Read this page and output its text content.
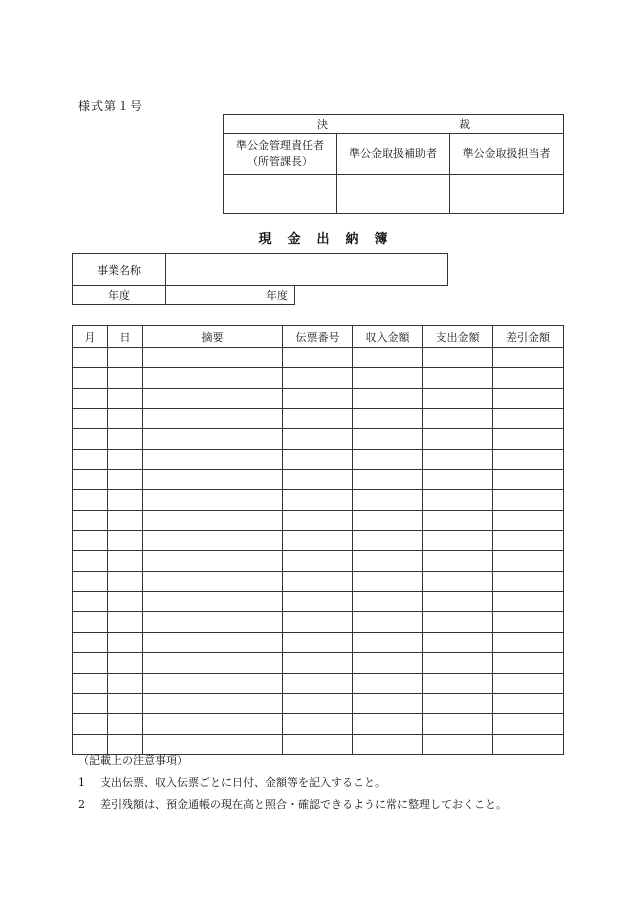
様式第１号
決　裁		
準公金管理責任者
（所管課長）	準公金取扱補助者	準公金取扱担当者

現金出納簿
事業名称		
年度	年度	
月	日	摘要	伝票番号	収入金額	支出金額	差引金額

（記載上の注意事項）
1 支出伝票、収入伝票ごとに日付、金額等を記入すること。
2 差引残額は、預金通帳の現在高と照合・確認できるように常に整理しておくこと。
